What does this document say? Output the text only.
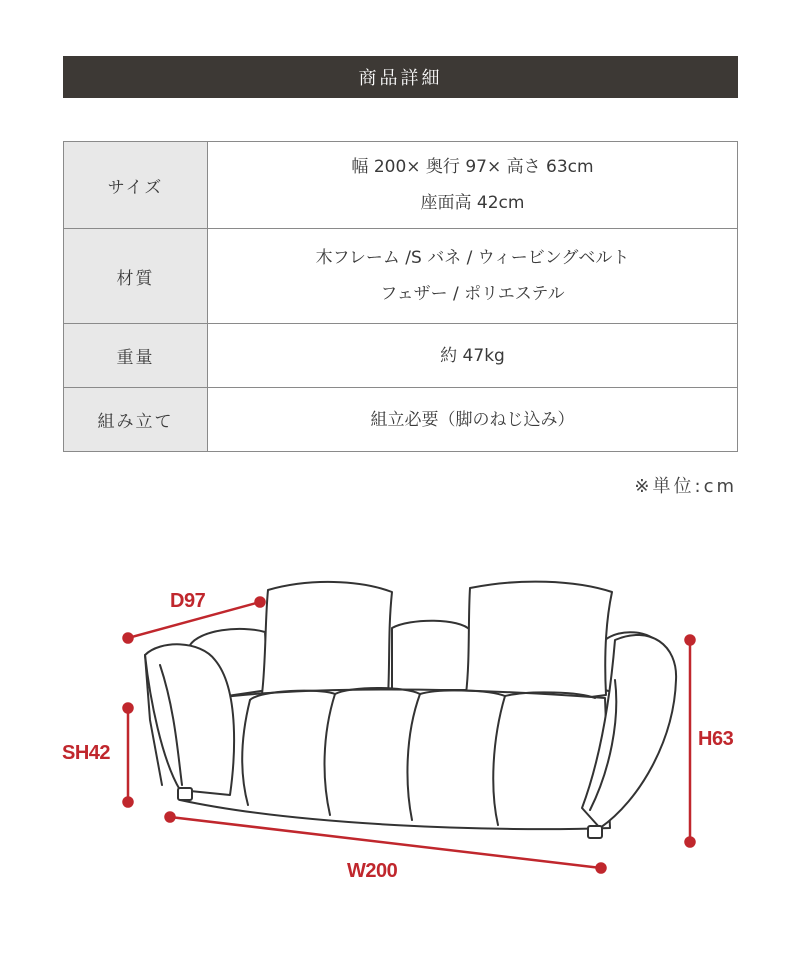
商品詳細
サイズ	幅 200× 奥行 97× 高さ 63cm
座面高 42cm

材質	木フレーム /S バネ / ウィービングベルト
フェザー / ポリエステル

重量	約 47kg

組み立て	組立必要（脚のねじ込み）
※単位:cm
D97
SH42
H63
W200
